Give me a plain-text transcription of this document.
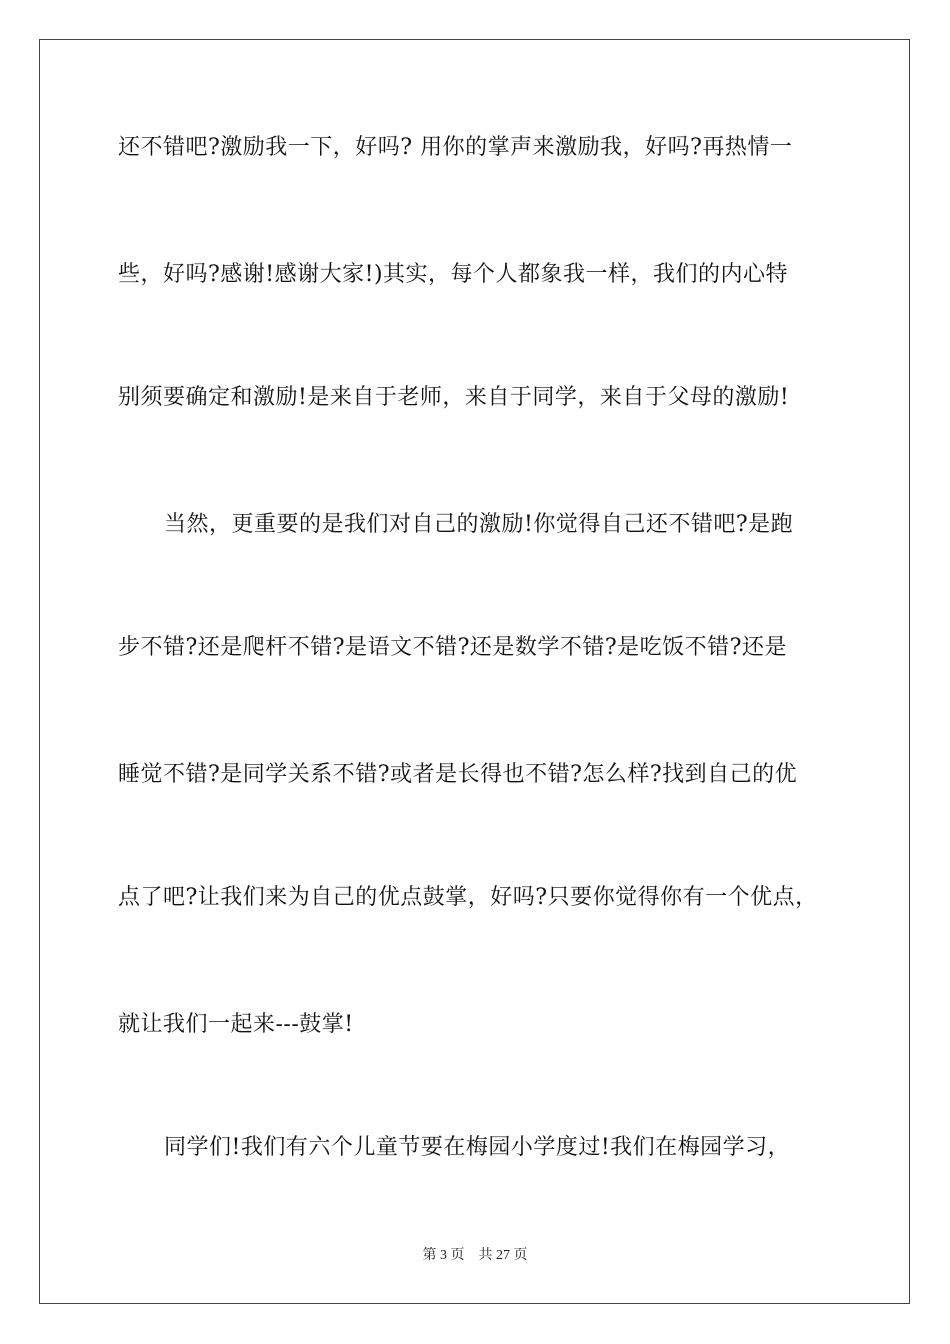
还不错吧?激励我一下，好吗? 用你的掌声来激励我，好吗?再热情一
些，好吗?感谢!感谢大家!)其实，每个人都象我一样，我们的内心特
别须要确定和激励!是来自于老师，来自于同学，来自于父母的激励!
当然，更重要的是我们对自己的激励!你觉得自己还不错吧?是跑
步不错?还是爬杆不错?是语文不错?还是数学不错?是吃饭不错?还是
睡觉不错?是同学关系不错?或者是长得也不错?怎么样?找到自己的优
点了吧?让我们来为自己的优点鼓掌，好吗?只要你觉得你有一个优点，
就让我们一起来---鼓掌!
同学们!我们有六个儿童节要在梅园小学度过!我们在梅园学习，
第 3 页 共 27 页
